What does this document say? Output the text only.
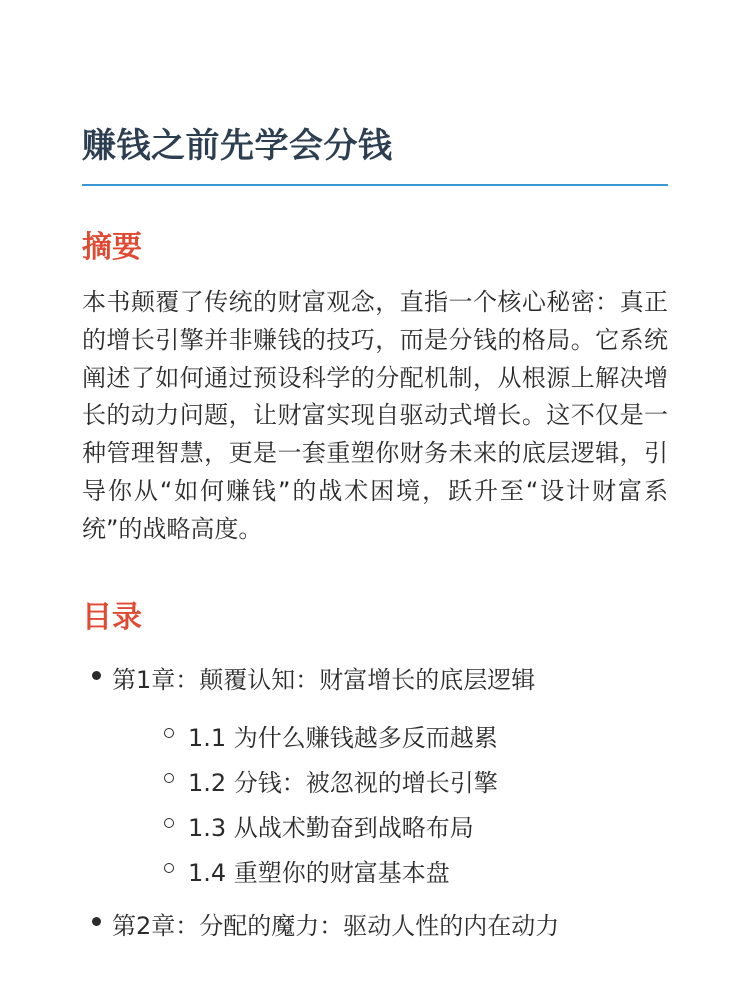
赚钱之前先学会分钱
摘要

本书颠覆了传统的财富观念，直指一个核心秘密：真正的增长引擎并非赚钱的技巧，而是分钱的格局。它系统阐述了如何通过预设科学的分配机制，从根源上解决增长的动力问题，让财富实现自驱动式增长。这不仅是一种管理智慧，更是一套重塑你财务未来的底层逻辑，引导你从“如何赚钱”的战术困境，跃升至“设计财富系统”的战略高度。

目录
第1章：颠覆认知：财富增长的底层逻辑
1.1 为什么赚钱越多反而越累
1.2 分钱：被忽视的增长引擎
1.3 从战术勤奋到战略布局
1.4 重塑你的财富基本盘
第2章：分配的魔力：驱动人性的内在动力
